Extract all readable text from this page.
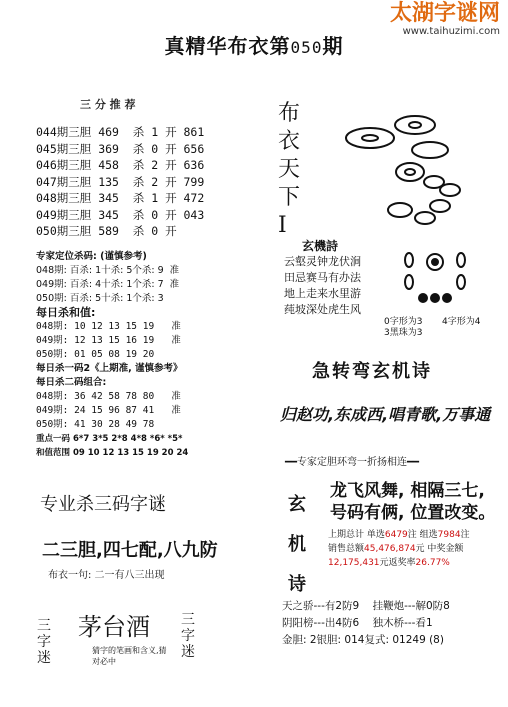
太湖字谜网
www.taihuzimi.com
真精华布衣第050期
三 分 推 荐
044期三胆 469  杀 1 开 861
045期三胆 369  杀 0 开 656
046期三胆 458  杀 2 开 636
047期三胆 135  杀 2 开 799
048期三胆 345  杀 1 开 472
049期三胆 345  杀 0 开 043
050期三胆 589  杀 0 开
专家定位杀码: (谨慎参考)
048期: 百杀: 1十杀: 5个杀: 9  准
049期: 百杀: 4十杀: 1个杀: 7  准
050期: 百杀: 5十杀: 1个杀: 3
每日杀和值:
048期: 10 12 13 15 19   准
049期: 12 13 15 16 19   准
050期: 01 05 08 19 20
每日杀一码2《上期准, 谨慎参考》
每日杀二码组合:
048期: 36 42 58 78 80   准
049期: 24 15 96 87 41   准
050期: 41 30 28 49 78
重点一码 6*7 3*5 2*8 4*8 *6* *5*
和值范围 09 10 12 13 15 19 20 24
专业杀三码字谜
二三胆,四七配,八九防
布衣一句: 二一有八三出现
三字迷
茅台酒
猜字的笔画和含义,猜
对必中
三字迷
布
衣
天
下
I
玄機詩
云壑灵钟龙伏涧
田忌赛马有办法
地上走来水里游
莼坡深处虎生风
0字形为3 4字形为4
3黑珠为3
急转弯玄机诗
归赵功,东成西,唱青歌,万事通
━━专家定胆环弯一折扬相连━━
玄
机
诗
龙飞风舞, 相隔三七,
号码有俩, 位置改变。
上期总计 单选6479注 组选7984注
销售总额45,476,874元 中奖金额
12,175,431元返奖率26.77%
天之骄---有2防9    挂鞭炮---解0防8
阴阳榜---出4防6    独木桥---看1
金胆: 2银胆: 014复式: 01249 (8)
